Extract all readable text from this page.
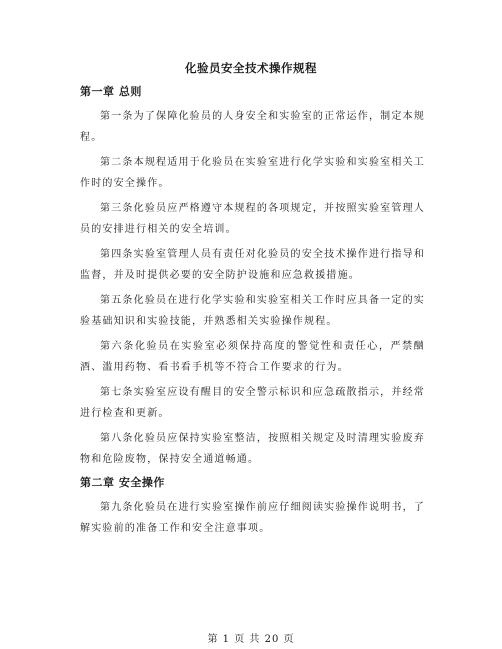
化验员安全技术操作规程
第一章 总则

第一条为了保障化验员的人身安全和实验室的正常运作，制定本规程。

第二条本规程适用于化验员在实验室进行化学实验和实验室相关工作时的安全操作。

第三条化验员应严格遵守本规程的各项规定，并按照实验室管理人员的安排进行相关的安全培训。

第四条实验室管理人员有责任对化验员的安全技术操作进行指导和监督，并及时提供必要的安全防护设施和应急救援措施。

第五条化验员在进行化学实验和实验室相关工作时应具备一定的实验基础知识和实验技能，并熟悉相关实验操作规程。

第六条化验员在实验室必须保持高度的警觉性和责任心，严禁酗酒、滥用药物、看书看手机等不符合工作要求的行为。

第七条实验室应设有醒目的安全警示标识和应急疏散指示，并经常进行检查和更新。

第八条化验员应保持实验室整洁，按照相关规定及时清理实验废弃物和危险废物，保持安全通道畅通。

第二章 安全操作

第九条化验员在进行实验室操作前应仔细阅读实验操作说明书，了解实验前的准备工作和安全注意事项。

第 1 页 共 20 页
